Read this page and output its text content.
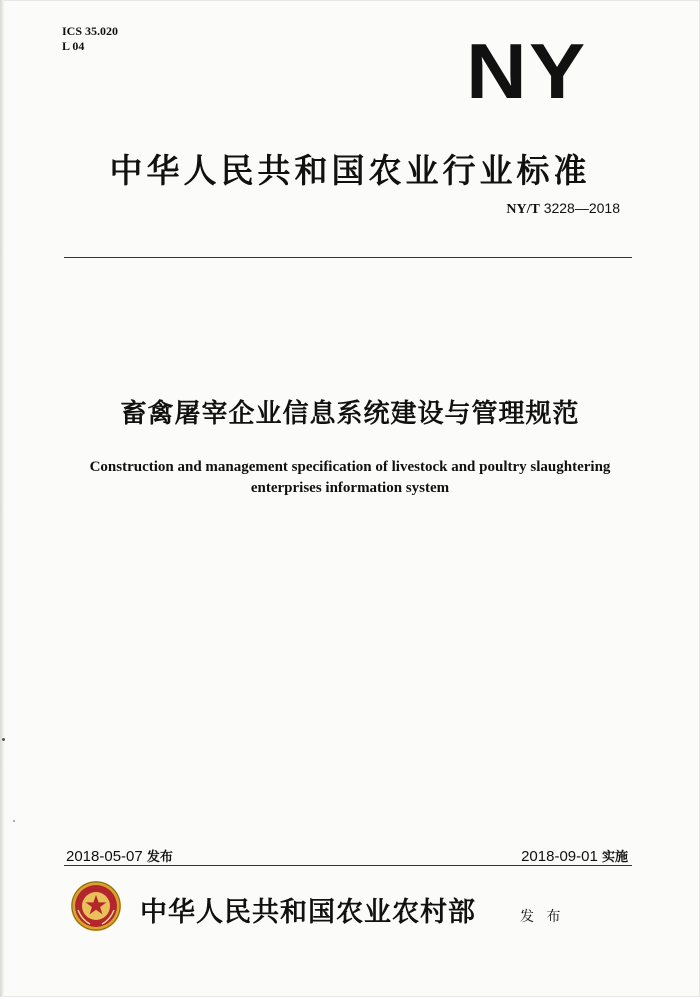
ICS 35.020
L 04	NY
中华人民共和国农业行业标准
NY/T 3228—2018
畜禽屠宰企业信息系统建设与管理规范
Construction and management specification of livestock and poultry slaughtering
enterprises information system
2018-05-07 发布	2018-09-01 实施
中华人民共和国农业农村部	发 布
